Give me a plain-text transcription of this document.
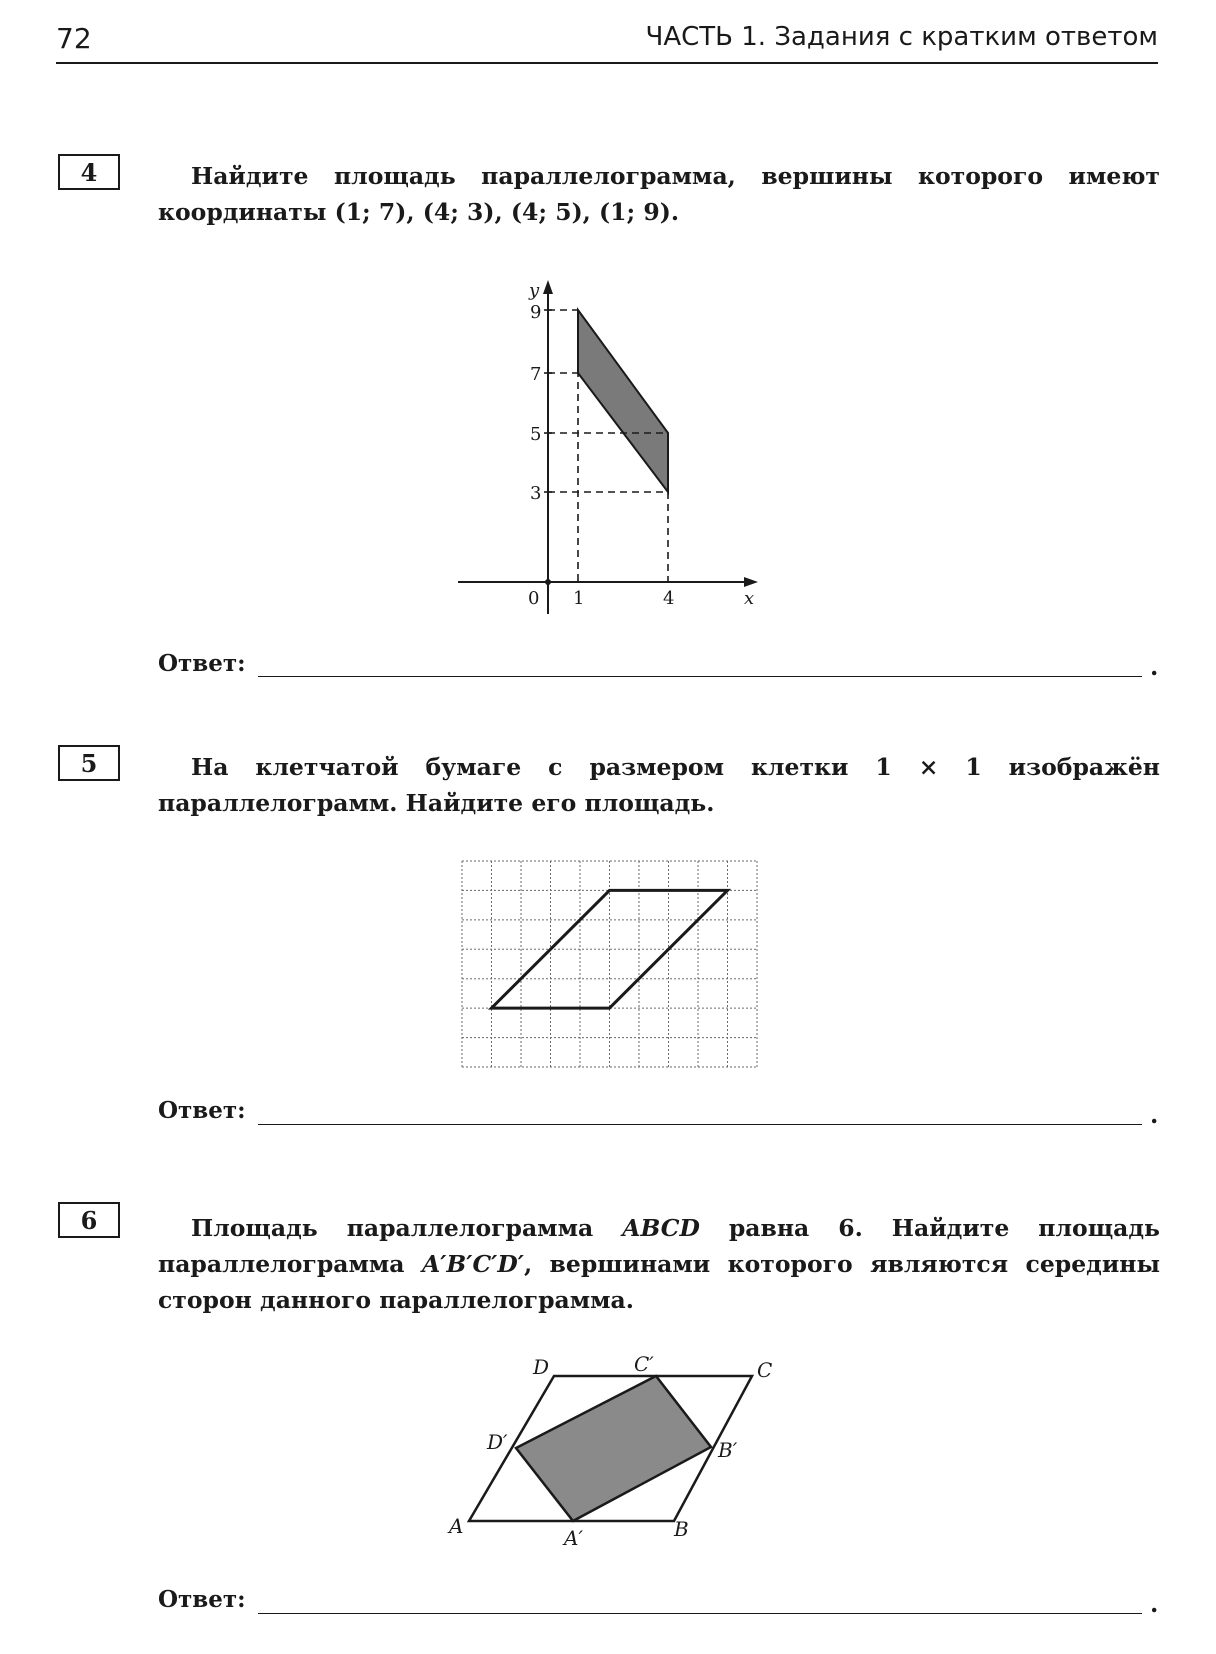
72	ЧАСТЬ 1. Задания с кратким ответом
4	Найдите площадь параллелограмма, вершины которого имеют координаты (1; 7), (4; 3), (4; 5), (1; 9).

y
9
7
5
3
0 1	4	x
Ответ:	.
5	На клетчатой бумаге с размером клетки 1 × 1 изображён параллелограмм. Найдите его площадь.

Ответ:	.
6	Площадь параллелограмма ABCD равна 6. Найдите площадь параллелограмма A′B′C′D′, вершинами которого являются середины сторон данного параллелограмма.

A	B
C
D
A′
B′
C′
D′
Ответ:	.
